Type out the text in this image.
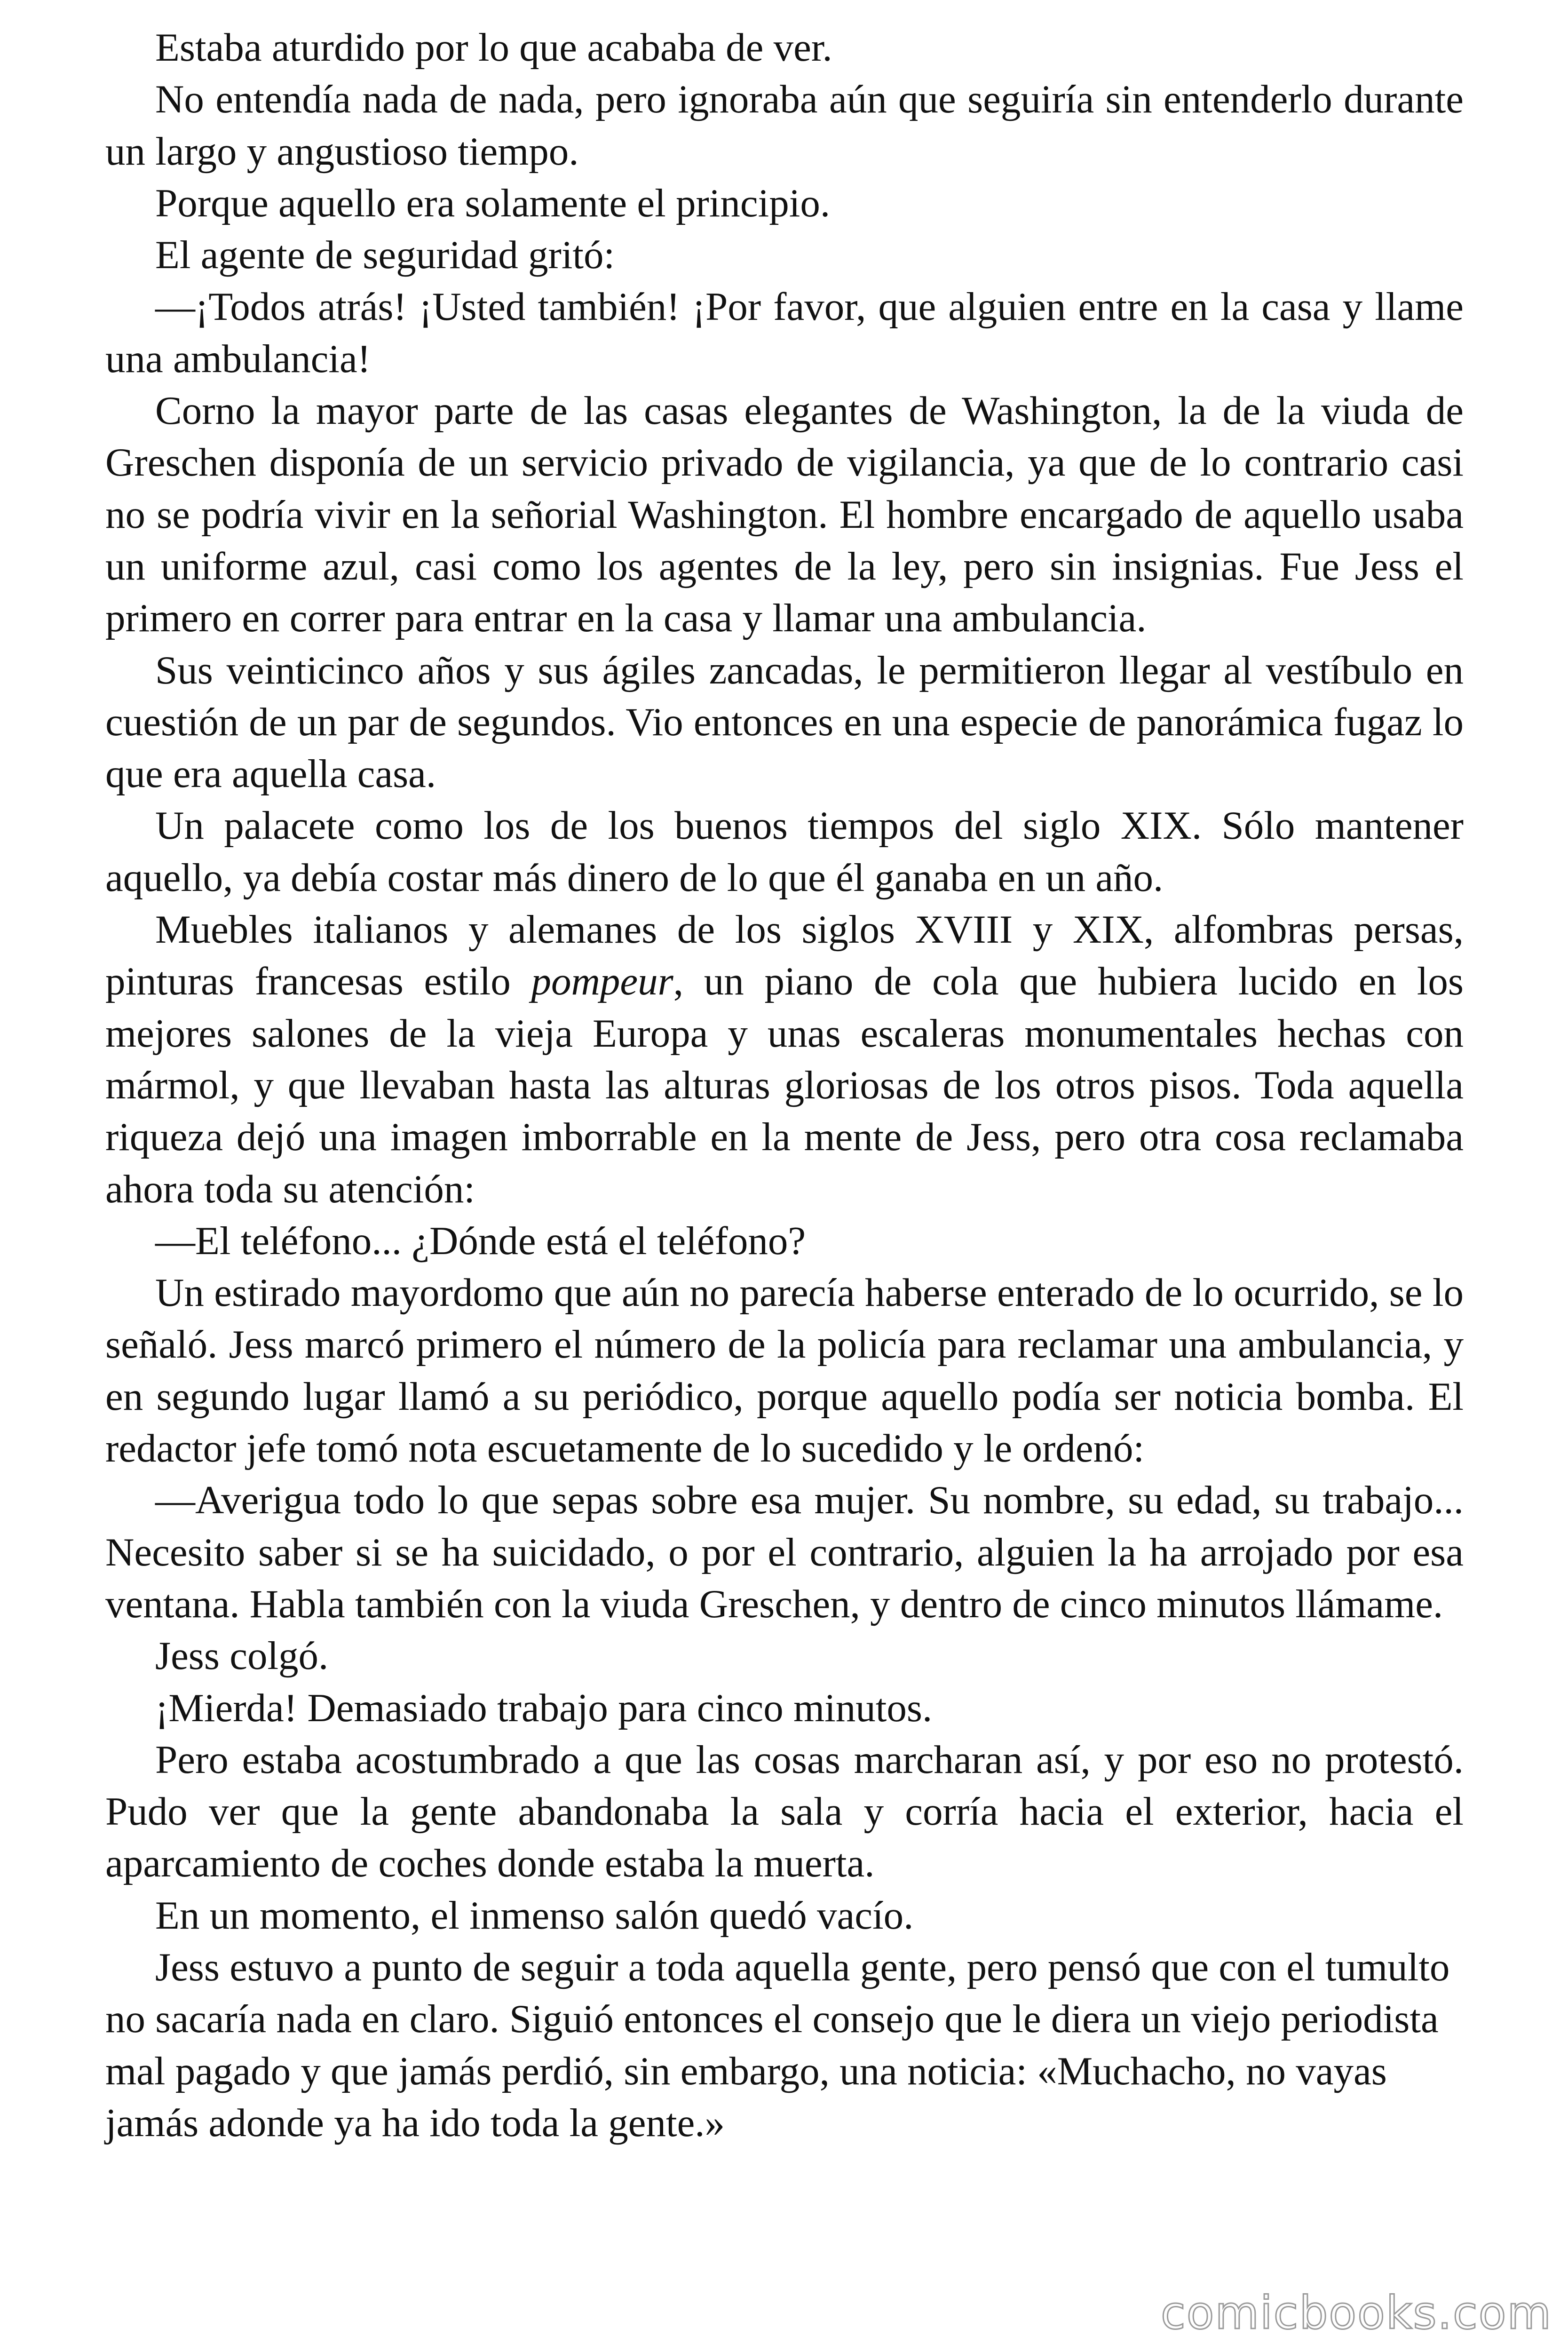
Estaba aturdido por lo que acababa de ver.

No entendía nada de nada, pero ignoraba aún que seguiría sin entenderlo durante un largo y angustioso tiempo.

Porque aquello era solamente el principio.

El agente de seguridad gritó:

—¡Todos atrás! ¡Usted también! ¡Por favor, que alguien entre en la casa y llame una ambulancia!

Corno la mayor parte de las casas elegantes de Washington, la de la viuda de Greschen disponía de un servicio privado de vigilancia, ya que de lo contrario casi no se podría vivir en la señorial Washington. El hombre encargado de aquello usaba un uniforme azul, casi como los agentes de la ley, pero sin insignias. Fue Jess el primero en correr para entrar en la casa y llamar una ambulancia.

Sus veinticinco años y sus ágiles zancadas, le permitieron llegar al vestíbulo en cuestión de un par de segundos. Vio entonces en una especie de panorámica fugaz lo que era aquella casa.

Un palacete como los de los buenos tiempos del siglo XIX. Sólo mantener aquello, ya debía costar más dinero de lo que él ganaba en un año.

Muebles italianos y alemanes de los siglos XVIII y XIX, alfombras persas, pinturas francesas estilo pompeur, un piano de cola que hubiera lucido en los mejores salones de la vieja Europa y unas escaleras monumentales hechas con mármol, y que llevaban hasta las alturas gloriosas de los otros pisos. Toda aquella riqueza dejó una imagen imborrable en la mente de Jess, pero otra cosa reclamaba ahora toda su atención:

—El teléfono... ¿Dónde está el teléfono?

Un estirado mayordomo que aún no parecía haberse enterado de lo ocurrido, se lo señaló. Jess marcó primero el número de la policía para reclamar una ambulancia, y en segundo lugar llamó a su periódico, porque aquello podía ser noticia bomba. El redactor jefe tomó nota escuetamente de lo sucedido y le ordenó:

—Averigua todo lo que sepas sobre esa mujer. Su nombre, su edad, su trabajo... Necesito saber si se ha suicidado, o por el contrario, alguien la ha arrojado por esa ventana. Habla también con la viuda Greschen, y dentro de cinco minutos llámame.

Jess colgó.

¡Mierda! Demasiado trabajo para cinco minutos.

Pero estaba acostumbrado a que las cosas marcharan así, y por eso no protestó. Pudo ver que la gente abandonaba la sala y corría hacia el exterior, hacia el aparcamiento de coches donde estaba la muerta.

En un momento, el inmenso salón quedó vacío.

Jess estuvo a punto de seguir a toda aquella gente, pero pensó que con el tumulto no sacaría nada en claro. Siguió entonces el consejo que le diera un viejo periodista mal pagado y que jamás perdió, sin embargo, una noticia: «Muchacho, no vayas jamás adonde ya ha ido toda la gente.»

comicbooks.com
